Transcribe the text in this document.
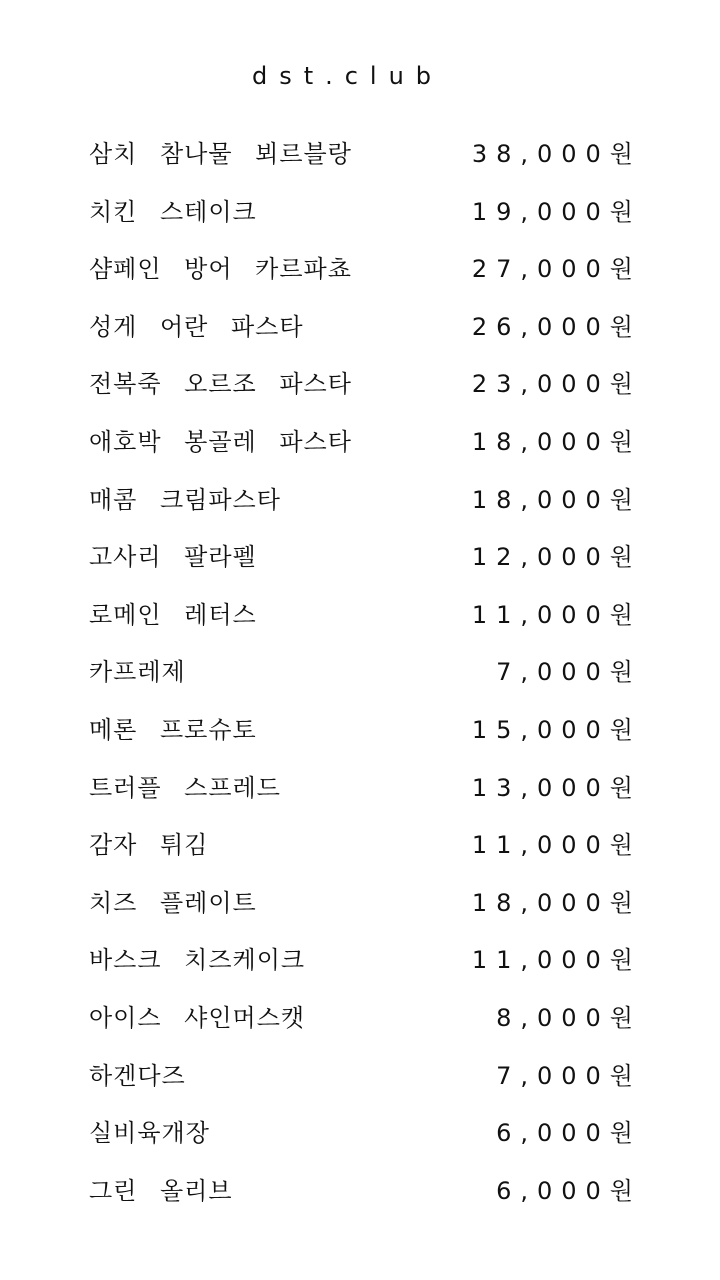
dst.club
삼치 참나물 뵈르블랑	38,000원
치킨 스테이크	19,000원
샴페인 방어 카르파쵸	27,000원
성게 어란 파스타	26,000원
전복죽 오르조 파스타	23,000원
애호박 봉골레 파스타	18,000원
매콤 크림파스타	18,000원
고사리 팔라펠	12,000원
로메인 레터스	11,000원
카프레제	7,000원
메론 프로슈토	15,000원
트러플 스프레드	13,000원
감자 튀김	11,000원
치즈 플레이트	18,000원
바스크 치즈케이크	11,000원
아이스 샤인머스캣	8,000원
하겐다즈	7,000원
실비육개장	6,000원
그린 올리브	6,000원
